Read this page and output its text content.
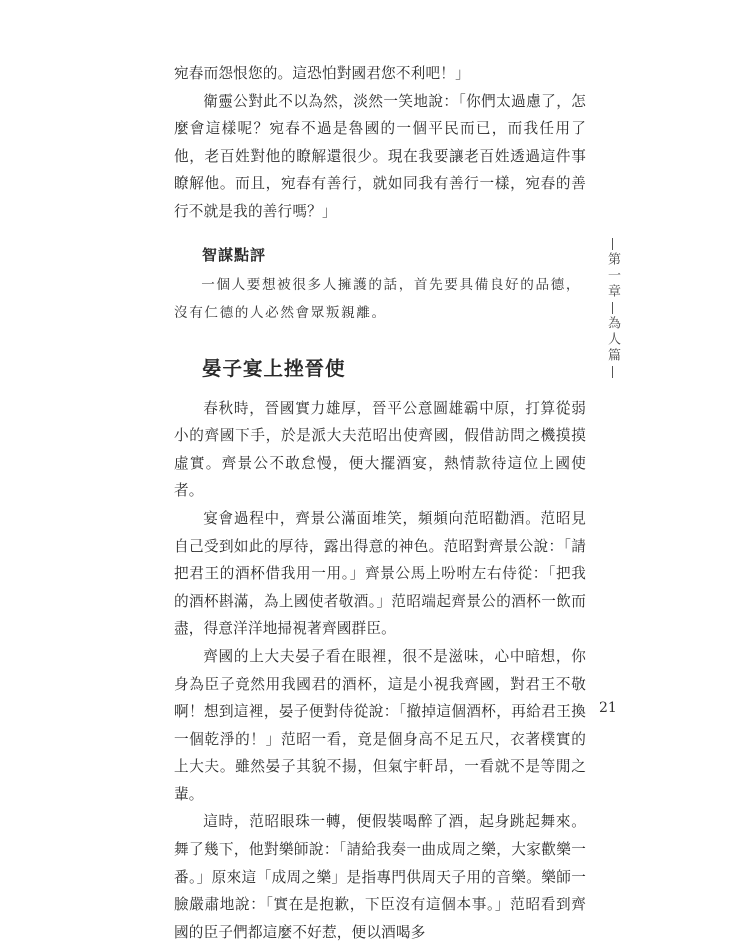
宛春而怨恨您的。這恐怕對國君您不利吧！」

衛靈公對此不以為然，淡然一笑地說：「你們太過慮了，怎麼會這樣呢？宛春不過是魯國的一個平民而已，而我任用了他，老百姓對他的瞭解還很少。現在我要讓老百姓透過這件事瞭解他。而且，宛春有善行，就如同我有善行一樣，宛春的善行不就是我的善行嗎？」

智謀點評

一個人要想被很多人擁護的話，首先要具備良好的品德，沒有仁德的人必然會眾叛親離。

晏子宴上挫晉使

春秋時，晉國實力雄厚，晉平公意圖雄霸中原，打算從弱小的齊國下手，於是派大夫范昭出使齊國，假借訪問之機摸摸虛實。齊景公不敢怠慢，便大擺酒宴，熱情款待這位上國使者。

宴會過程中，齊景公滿面堆笑，頻頻向范昭勸酒。范昭見自己受到如此的厚待，露出得意的神色。范昭對齊景公說：「請把君王的酒杯借我用一用。」齊景公馬上吩咐左右侍從：「把我的酒杯斟滿，為上國使者敬酒。」范昭端起齊景公的酒杯一飲而盡，得意洋洋地掃視著齊國群臣。

齊國的上大夫晏子看在眼裡，很不是滋味，心中暗想，你身為臣子竟然用我國君的酒杯，這是小視我齊國，對君王不敬啊！想到這裡，晏子便對侍從說：「撤掉這個酒杯，再給君王換一個乾淨的！」范昭一看，竟是個身高不足五尺，衣著樸實的上大夫。雖然晏子其貌不揚，但氣宇軒昂，一看就不是等閒之輩。

這時，范昭眼珠一轉，便假裝喝醉了酒，起身跳起舞來。舞了幾下，他對樂師說：「請給我奏一曲成周之樂，大家歡樂一番。」原來這「成周之樂」是指專門供周天子用的音樂。樂師一臉嚴肅地說：「實在是抱歉，下臣沒有這個本事。」范昭看到齊國的臣子們都這麼不好惹，便以酒喝多

第一章
為人篇
21
